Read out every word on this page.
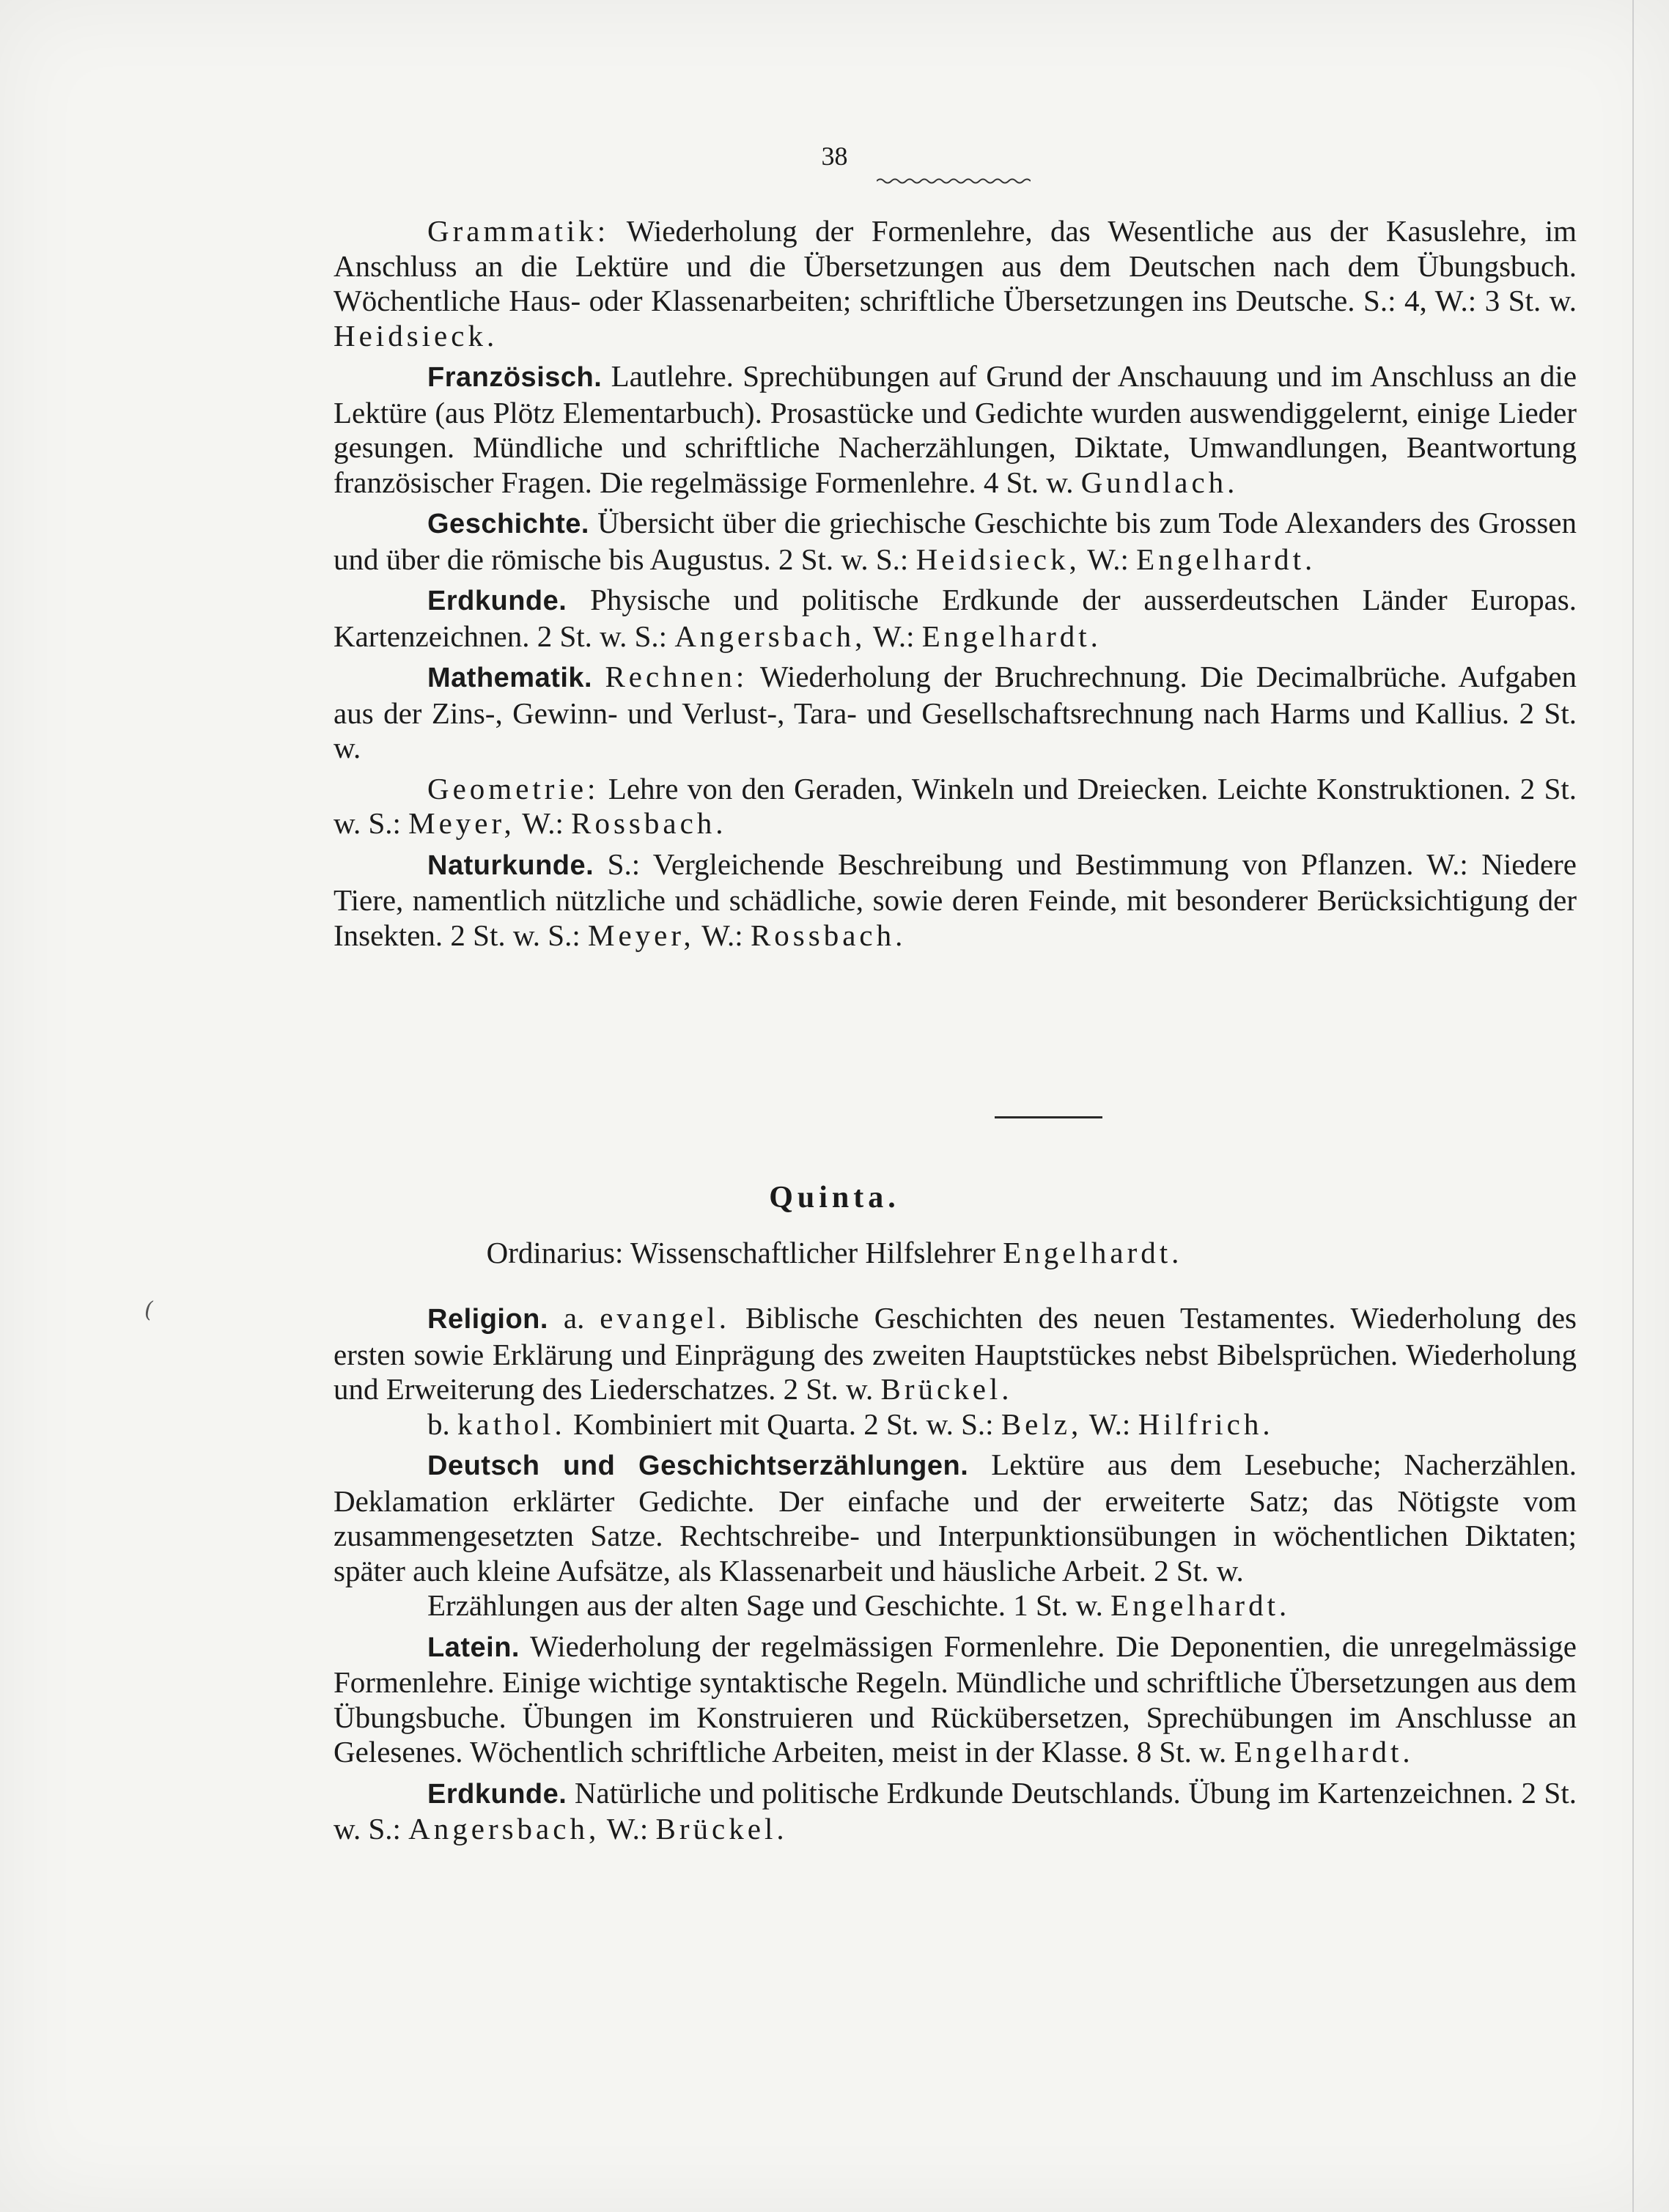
38

Grammatik: Wiederholung der Formenlehre, das Wesentliche aus der Kasuslehre, im Anschluss an die Lektüre und die Übersetzungen aus dem Deutschen nach dem Übungsbuch. Wöchentliche Haus- oder Klassenarbeiten; schriftliche Übersetzungen ins Deutsche. S.: 4, W.: 3 St. w. Heidsieck.

Französisch. Lautlehre. Sprechübungen auf Grund der Anschauung und im Anschluss an die Lektüre (aus Plötz Elementarbuch). Prosastücke und Gedichte wurden auswendiggelernt, einige Lieder gesungen. Mündliche und schriftliche Nacherzählungen, Diktate, Umwandlungen, Beantwortung französischer Fragen. Die regelmässige Formenlehre. 4 St. w. Gundlach.

Geschichte. Übersicht über die griechische Geschichte bis zum Tode Alexanders des Grossen und über die römische bis Augustus. 2 St. w. S.: Heidsieck, W.: Engelhardt.

Erdkunde. Physische und politische Erdkunde der ausserdeutschen Länder Europas. Kartenzeichnen. 2 St. w. S.: Angersbach, W.: Engelhardt.

Mathematik. Rechnen: Wiederholung der Bruchrechnung. Die Decimalbrüche. Aufgaben aus der Zins-, Gewinn- und Verlust-, Tara- und Gesellschaftsrechnung nach Harms und Kallius. 2 St. w.

Geometrie: Lehre von den Geraden, Winkeln und Dreiecken. Leichte Konstruktionen. 2 St. w. S.: Meyer, W.: Rossbach.

Naturkunde. S.: Vergleichende Beschreibung und Bestimmung von Pflanzen. W.: Niedere Tiere, namentlich nützliche und schädliche, sowie deren Feinde, mit besonderer Berücksichtigung der Insekten. 2 St. w. S.: Meyer, W.: Rossbach.

Quinta.
Ordinarius: Wissenschaftlicher Hilfslehrer Engelhardt.
(	Religion. a. evangel. Biblische Geschichten des neuen Testamentes. Wiederholung des ersten sowie Erklärung und Einprägung des zweiten Hauptstückes nebst Bibelsprüchen. Wiederholung und Erweiterung des Liederschatzes. 2 St. w. Brückel.

b. kathol. Kombiniert mit Quarta. 2 St. w. S.: Belz, W.: Hilfrich.

Deutsch und Geschichtserzählungen. Lektüre aus dem Lesebuche; Nacherzählen. Deklamation erklärter Gedichte. Der einfache und der erweiterte Satz; das Nötigste vom zusammengesetzten Satze. Rechtschreibe- und Interpunktionsübungen in wöchentlichen Diktaten; später auch kleine Aufsätze, als Klassenarbeit und häusliche Arbeit. 2 St. w.

Erzählungen aus der alten Sage und Geschichte. 1 St. w. Engelhardt.

Latein. Wiederholung der regelmässigen Formenlehre. Die Deponentien, die unregelmässige Formenlehre. Einige wichtige syntaktische Regeln. Mündliche und schriftliche Übersetzungen aus dem Übungsbuche. Übungen im Konstruieren und Rückübersetzen, Sprechübungen im Anschlusse an Gelesenes. Wöchentlich schriftliche Arbeiten, meist in der Klasse. 8 St. w. Engelhardt.

Erdkunde. Natürliche und politische Erdkunde Deutschlands. Übung im Kartenzeichnen. 2 St. w. S.: Angersbach, W.: Brückel.
